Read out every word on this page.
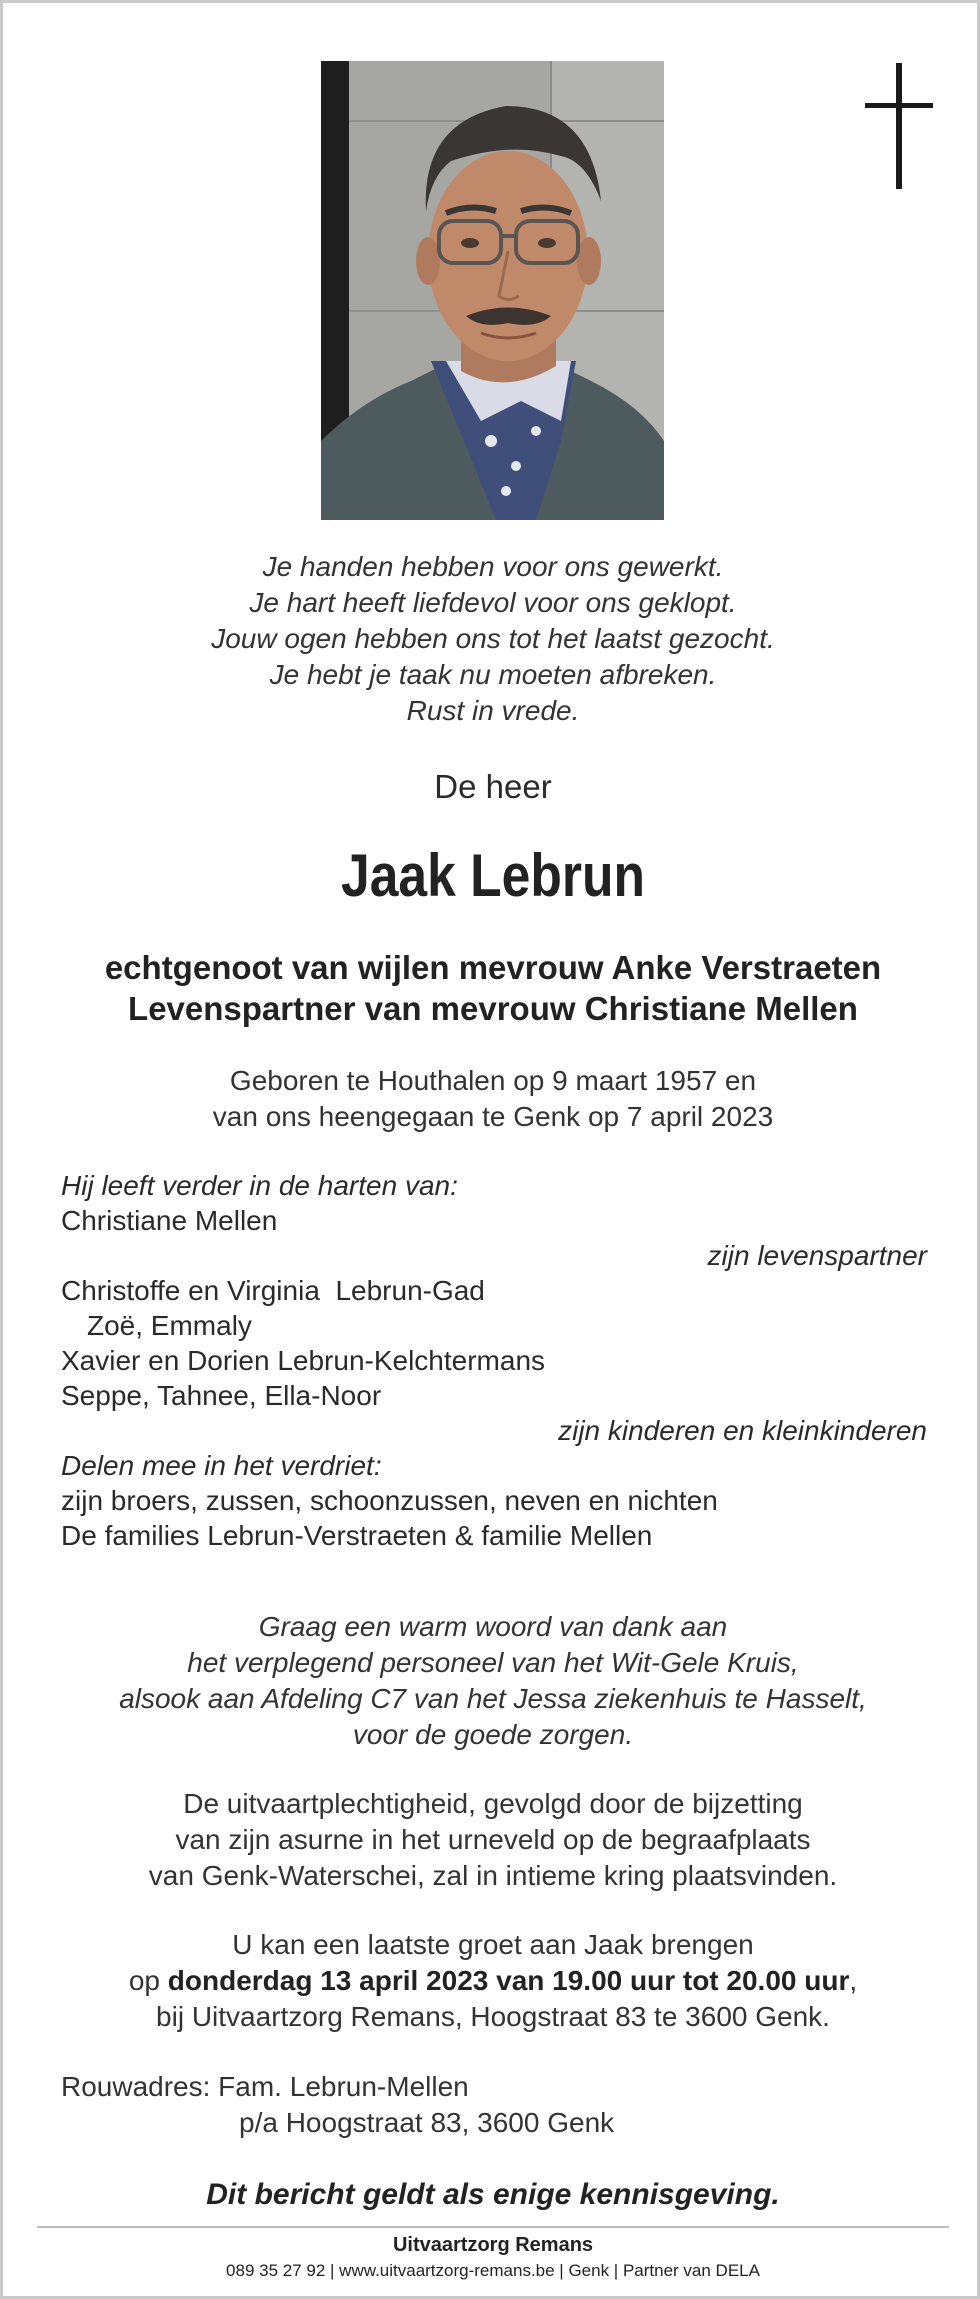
Je handen hebben voor ons gewerkt.
Je hart heeft liefdevol voor ons geklopt.
Jouw ogen hebben ons tot het laatst gezocht.
Je hebt je taak nu moeten afbreken.
Rust in vrede.
De heer
Jaak Lebrun
echtgenoot van wijlen mevrouw Anke Verstraeten
Levenspartner van mevrouw Christiane Mellen
Geboren te Houthalen op 9 maart 1957 en
van ons heengegaan te Genk op 7 april 2023
Hij leeft verder in de harten van:
Christiane Mellen
zijn levenspartner
Christoffe en Virginia  Lebrun-Gad
Zoë, Emmaly
Xavier en Dorien Lebrun-Kelchtermans
Seppe, Tahnee, Ella-Noor
zijn kinderen en kleinkinderen
Delen mee in het verdriet:
zijn broers, zussen, schoonzussen, neven en nichten
De families Lebrun-Verstraeten & familie Mellen
Graag een warm woord van dank aan
het verplegend personeel van het Wit-Gele Kruis,
alsook aan Afdeling C7 van het Jessa ziekenhuis te Hasselt,
voor de goede zorgen.
De uitvaartplechtigheid, gevolgd door de bijzetting
van zijn asurne in het urneveld op de begraafplaats
van Genk-Waterschei, zal in intieme kring plaatsvinden.
U kan een laatste groet aan Jaak brengen
op donderdag 13 april 2023 van 19.00 uur tot 20.00 uur,
bij Uitvaartzorg Remans, Hoogstraat 83 te 3600 Genk.
Rouwadres: Fam. Lebrun-Mellen
p/a Hoogstraat 83, 3600 Genk
Dit bericht geldt als enige kennisgeving.
Uitvaartzorg Remans
089 35 27 92 | www.uitvaartzorg-remans.be | Genk | Partner van DELA
